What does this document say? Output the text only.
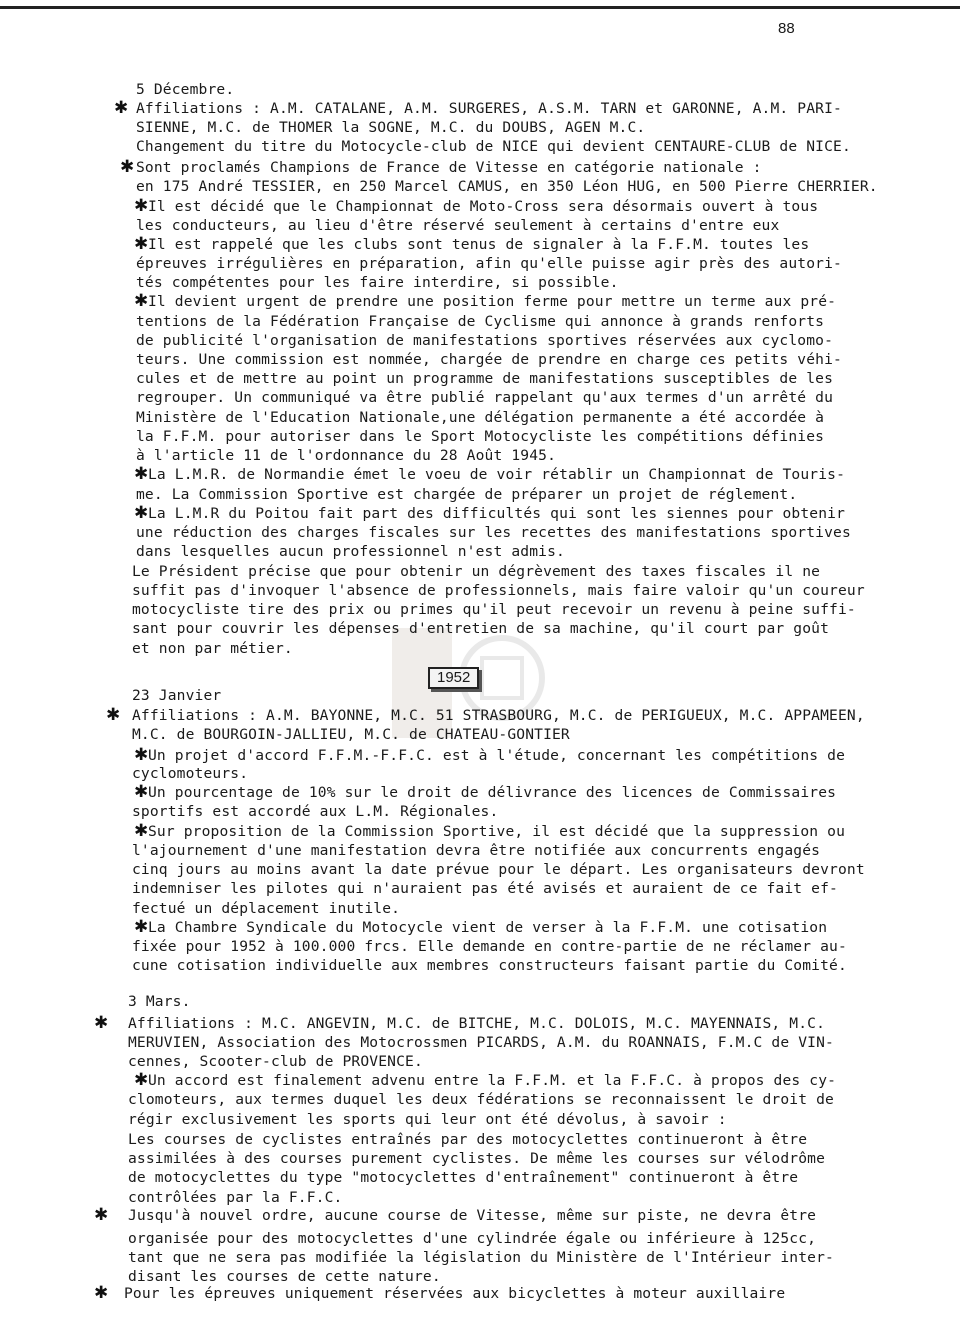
88
1952
5 Décembre.
✱ Affiliations : A.M. CATALANE, A.M. SURGERES, A.S.M. TARN et GARONNE, A.M. PARI-
SIENNE, M.C. de THOMER la SOGNE, M.C. du DOUBS, AGEN M.C.
Changement du titre du Motocycle-club de NICE qui devient CENTAURE-CLUB de NICE.
✱ Sont proclamés Champions de France de Vitesse en catégorie nationale :
en 175 André TESSIER, en 250 Marcel CAMUS, en 350 Léon HUG, en 500 Pierre CHERRIER.
✱ Il est décidé que le Championnat de Moto-Cross sera désormais ouvert à tous
les conducteurs, au lieu d'être réservé seulement à certains d'entre eux
✱ Il est rappelé que les clubs sont tenus de signaler à la F.F.M. toutes les
épreuves irrégulières en préparation, afin qu'elle puisse agir près des autori-
tés compétentes pour les faire interdire, si possible.
✱ Il devient urgent de prendre une position ferme pour mettre un terme aux pré-
tentions de la Fédération Française de Cyclisme qui annonce à grands renforts
de publicité l'organisation de manifestations sportives réservées aux cyclomo-
teurs. Une commission est nommée, chargée de prendre en charge ces petits véhi-
cules et de mettre au point un programme de manifestations susceptibles de les
regrouper. Un communiqué va être publié rappelant qu'aux termes d'un arrêté du
Ministère de l'Education Nationale,une délégation permanente a été accordée à
la F.F.M. pour autoriser dans le Sport Motocycliste les compétitions définies
à l'article 11 de l'ordonnance du 28 Août 1945.
✱ La L.M.R. de Normandie émet le voeu de voir rétablir un Championnat de Touris-
me. La Commission Sportive est chargée de préparer un projet de réglement.
✱ La L.M.R du Poitou fait part des difficultés qui sont les siennes pour obtenir
une réduction des charges fiscales sur les recettes des manifestations sportives
dans lesquelles aucun professionnel n'est admis.
Le Président précise que pour obtenir un dégrèvement des taxes fiscales il ne
suffit pas d'invoquer l'absence de professionnels, mais faire valoir qu'un coureur
motocycliste tire des prix ou primes qu'il peut recevoir un revenu à peine suffi-
sant pour couvrir les dépenses d'entretien de sa machine, qu'il court par goût
et non par métier.
23 Janvier
✱ Affiliations : A.M. BAYONNE, M.C. 51 STRASBOURG, M.C. de PERIGUEUX, M.C. APPAMEEN,
M.C. de BOURGOIN-JALLIEU, M.C. de CHATEAU-GONTIER
✱ Un projet d'accord F.F.M.-F.F.C. est à l'étude, concernant les compétitions de
cyclomoteurs.
✱ Un pourcentage de 10% sur le droit de délivrance des licences de Commissaires
sportifs est accordé aux L.M. Régionales.
✱ Sur proposition de la Commission Sportive, il est décidé que la suppression ou
l'ajournement d'une manifestation devra être notifiée aux concurrents engagés
cinq jours au moins avant la date prévue pour le départ. Les organisateurs devront
indemniser les pilotes qui n'auraient pas été avisés et auraient de ce fait ef-
fectué un déplacement inutile.
✱ La Chambre Syndicale du Motocycle vient de verser à la F.F.M. une cotisation
fixée pour 1952 à 100.000 frcs. Elle demande en contre-partie de ne réclamer au-
cune cotisation individuelle aux membres constructeurs faisant partie du Comité.
3 Mars.
✱ Affiliations : M.C. ANGEVIN, M.C. de BITCHE, M.C. DOLOIS, M.C. MAYENNAIS, M.C.
MERUVIEN, Association des Motocrossmen PICARDS, A.M. du ROANNAIS, F.M.C de VIN-
cennes, Scooter-club de PROVENCE.
✱ Un accord est finalement advenu entre la F.F.M. et la F.F.C. à propos des cy-
clomoteurs, aux termes duquel les deux fédérations se reconnaissent le droit de
régir exclusivement les sports qui leur ont été dévolus, à savoir :
Les courses de cyclistes entraînés par des motocyclettes continueront à être
assimilées à des courses purement cyclistes. De même les courses sur vélodrôme
de motocyclettes du type "motocyclettes d'entraînement" continueront à être
contrôlées par la F.F.C.
✱ Jusqu'à nouvel ordre, aucune course de Vitesse, même sur piste, ne devra être
organisée pour des motocyclettes d'une cylindrée égale ou inférieure à 125cc,
tant que ne sera pas modifiée la législation du Ministère de l'Intérieur inter-
disant les courses de cette nature.
✱ Pour les épreuves uniquement réservées aux bicyclettes à moteur auxillaire
